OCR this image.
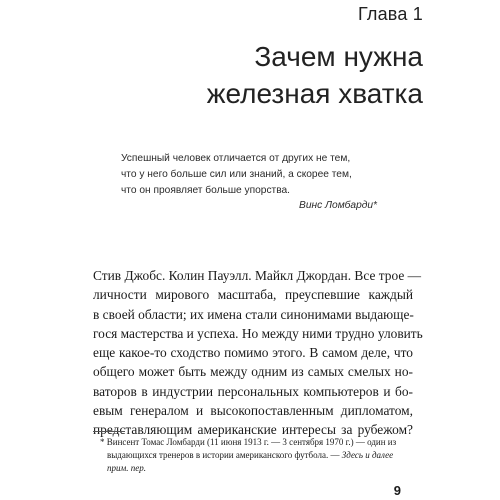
Глава 1
Зачем нужна
железная хватка
Успешный человек отличается от других не тем,
что у него больше сил или знаний, а скорее тем,
что он проявляет больше упорства.
Винс Ломбарди*
Стив Джобс. Колин Пауэлл. Майкл Джордан. Все трое —
личности мирового масштаба, преуспевшие каждый
в своей области; их имена стали синонимами выдающе-
гося мастерства и успеха. Но между ними трудно уловить
еще какое-то сходство помимо этого. В самом деле, что
общего может быть между одним из самых смелых но-
ваторов в индустрии персональных компьютеров и бо-
евым генералом и высокопоставленным дипломатом,
представляющим американские интересы за рубежом?
* Винсент Томас Ломбарди (11 июня 1913 г. — 3 сентября 1970 г.) — один из
выдающихся тренеров в истории американского футбола. — Здесь и далее
прим. пер.
9
